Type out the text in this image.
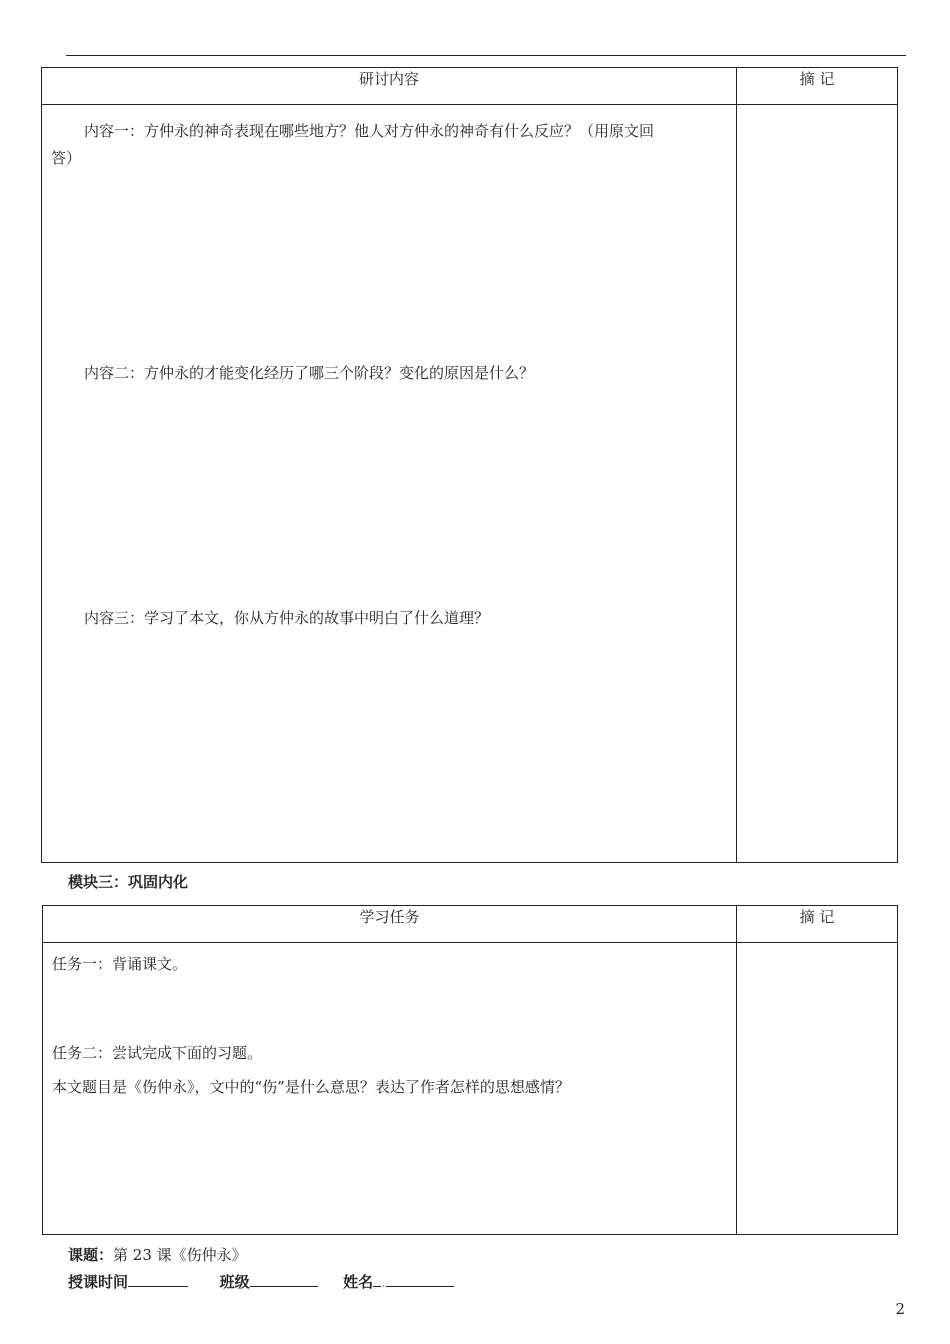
研讨内容	摘 记

内容一：方仲永的神奇表现在哪些地方？他人对方仲永的神奇有什么反应？（用原文回
答）
内容二：方仲永的才能变化经历了哪三个阶段？变化的原因是什么？
内容三：学习了本文，你从方仲永的故事中明白了什么道理？	

模块三：巩固内化
学习任务	摘 记

任务一：背诵课文。
任务二：尝试完成下面的习题。
本文题目是《伤仲永》，文中的“伤”是什么意思？表达了作者怎样的思想感情？	

课题：第 23 课《伤仲永》
授课时间	班级	姓名 .
2
